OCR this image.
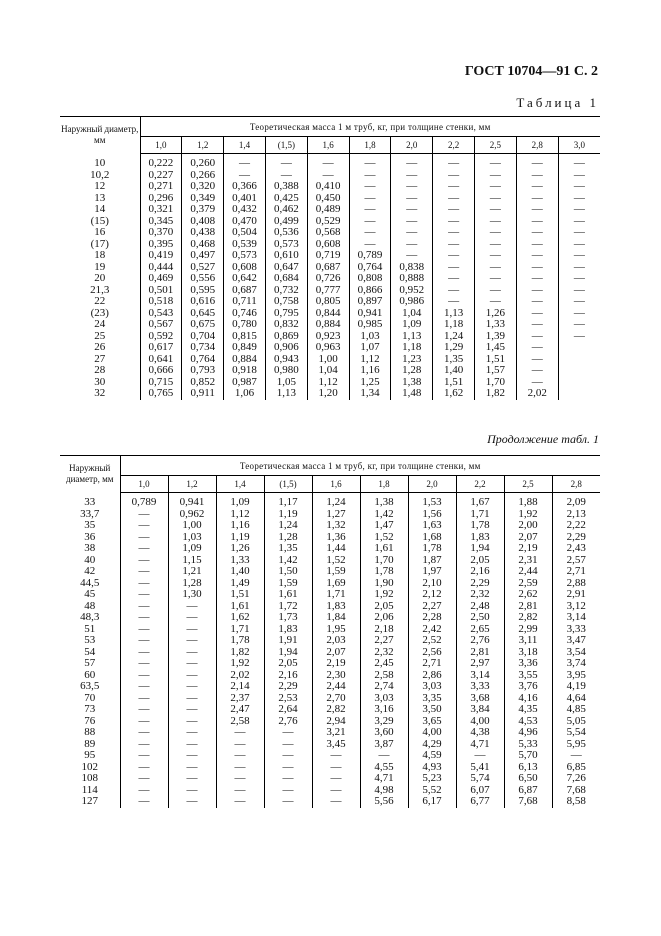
ГОСТ 10704—91 С. 2
Таблица 1
Наружный диаметр, мм	Теоретическая масса 1 м труб, кг, при толщине стенки, мм										
	1,0	1,2	1,4	(1,5)	1,6	1,8	2,0	2,2	2,5	2,8	3,0
10	0,222	0,260	—	—	—	—	—	—	—	—	—
10,2	0,227	0,266	—	—	—	—	—	—	—	—	—
12	0,271	0,320	0,366	0,388	0,410	—	—	—	—	—	—
13	0,296	0,349	0,401	0,425	0,450	—	—	—	—	—	—
14	0,321	0,379	0,432	0,462	0,489	—	—	—	—	—	—
(15)	0,345	0,408	0,470	0,499	0,529	—	—	—	—	—	—
16	0,370	0,438	0,504	0,536	0,568	—	—	—	—	—	—
(17)	0,395	0,468	0,539	0,573	0,608	—	—	—	—	—	—
18	0,419	0,497	0,573	0,610	0,719	0,789	—	—	—	—	—
19	0,444	0,527	0,608	0,647	0,687	0,764	0,838	—	—	—	—
20	0,469	0,556	0,642	0,684	0,726	0,808	0,888	—	—	—	—
21,3	0,501	0,595	0,687	0,732	0,777	0,866	0,952	—	—	—	—
22	0,518	0,616	0,711	0,758	0,805	0,897	0,986	—	—	—	—
(23)	0,543	0,645	0,746	0,795	0,844	0,941	1,04	1,13	1,26	—	—
24	0,567	0,675	0,780	0,832	0,884	0,985	1,09	1,18	1,33	—	—
25	0,592	0,704	0,815	0,869	0,923	1,03	1,13	1,24	1,39	—	—
26	0,617	0,734	0,849	0,906	0,963	1,07	1,18	1,29	1,45	—	
27	0,641	0,764	0,884	0,943	1,00	1,12	1,23	1,35	1,51	—	
28	0,666	0,793	0,918	0,980	1,04	1,16	1,28	1,40	1,57	—	
30	0,715	0,852	0,987	1,05	1,12	1,25	1,38	1,51	1,70	—	
32	0,765	0,911	1,06	1,13	1,20	1,34	1,48	1,62	1,82	2,02	
Продолжение табл. 1
Наружный диаметр, мм	Теоретическая масса 1 м труб, кг, при толщине стенки, мм									
	1,0	1,2	1,4	(1,5)	1,6	1,8	2,0	2,2	2,5	2,8
33	0,789	0,941	1,09	1,17	1,24	1,38	1,53	1,67	1,88	2,09
33,7	—	0,962	1,12	1,19	1,27	1,42	1,56	1,71	1,92	2,13
35	—	1,00	1,16	1,24	1,32	1,47	1,63	1,78	2,00	2,22
36	—	1,03	1,19	1,28	1,36	1,52	1,68	1,83	2,07	2,29
38	—	1,09	1,26	1,35	1,44	1,61	1,78	1,94	2,19	2,43
40	—	1,15	1,33	1,42	1,52	1,70	1,87	2,05	2,31	2,57
42	—	1,21	1,40	1,50	1,59	1,78	1,97	2,16	2,44	2,71
44,5	—	1,28	1,49	1,59	1,69	1,90	2,10	2,29	2,59	2,88
45	—	1,30	1,51	1,61	1,71	1,92	2,12	2,32	2,62	2,91
48	—	—	1,61	1,72	1,83	2,05	2,27	2,48	2,81	3,12
48,3	—	—	1,62	1,73	1,84	2,06	2,28	2,50	2,82	3,14
51	—	—	1,71	1,83	1,95	2,18	2,42	2,65	2,99	3,33
53	—	—	1,78	1,91	2,03	2,27	2,52	2,76	3,11	3,47
54	—	—	1,82	1,94	2,07	2,32	2,56	2,81	3,18	3,54
57	—	—	1,92	2,05	2,19	2,45	2,71	2,97	3,36	3,74
60	—	—	2,02	2,16	2,30	2,58	2,86	3,14	3,55	3,95
63,5	—	—	2,14	2,29	2,44	2,74	3,03	3,33	3,76	4,19
70	—	—	2,37	2,53	2,70	3,03	3,35	3,68	4,16	4,64
73	—	—	2,47	2,64	2,82	3,16	3,50	3,84	4,35	4,85
76	—	—	2,58	2,76	2,94	3,29	3,65	4,00	4,53	5,05
88	—	—	—	—	3,21	3,60	4,00	4,38	4,96	5,54
89	—	—	—	—	3,45	3,87	4,29	4,71	5,33	5,95
95	—	—	—	—	—	—	4,59	—	5,70	—
102	—	—	—	—	—	4,55	4,93	5,41	6,13	6,85
108	—	—	—	—	—	4,71	5,23	5,74	6,50	7,26
114	—	—	—	—	—	4,98	5,52	6,07	6,87	7,68
127	—	—	—	—	—	5,56	6,17	6,77	7,68	8,58
